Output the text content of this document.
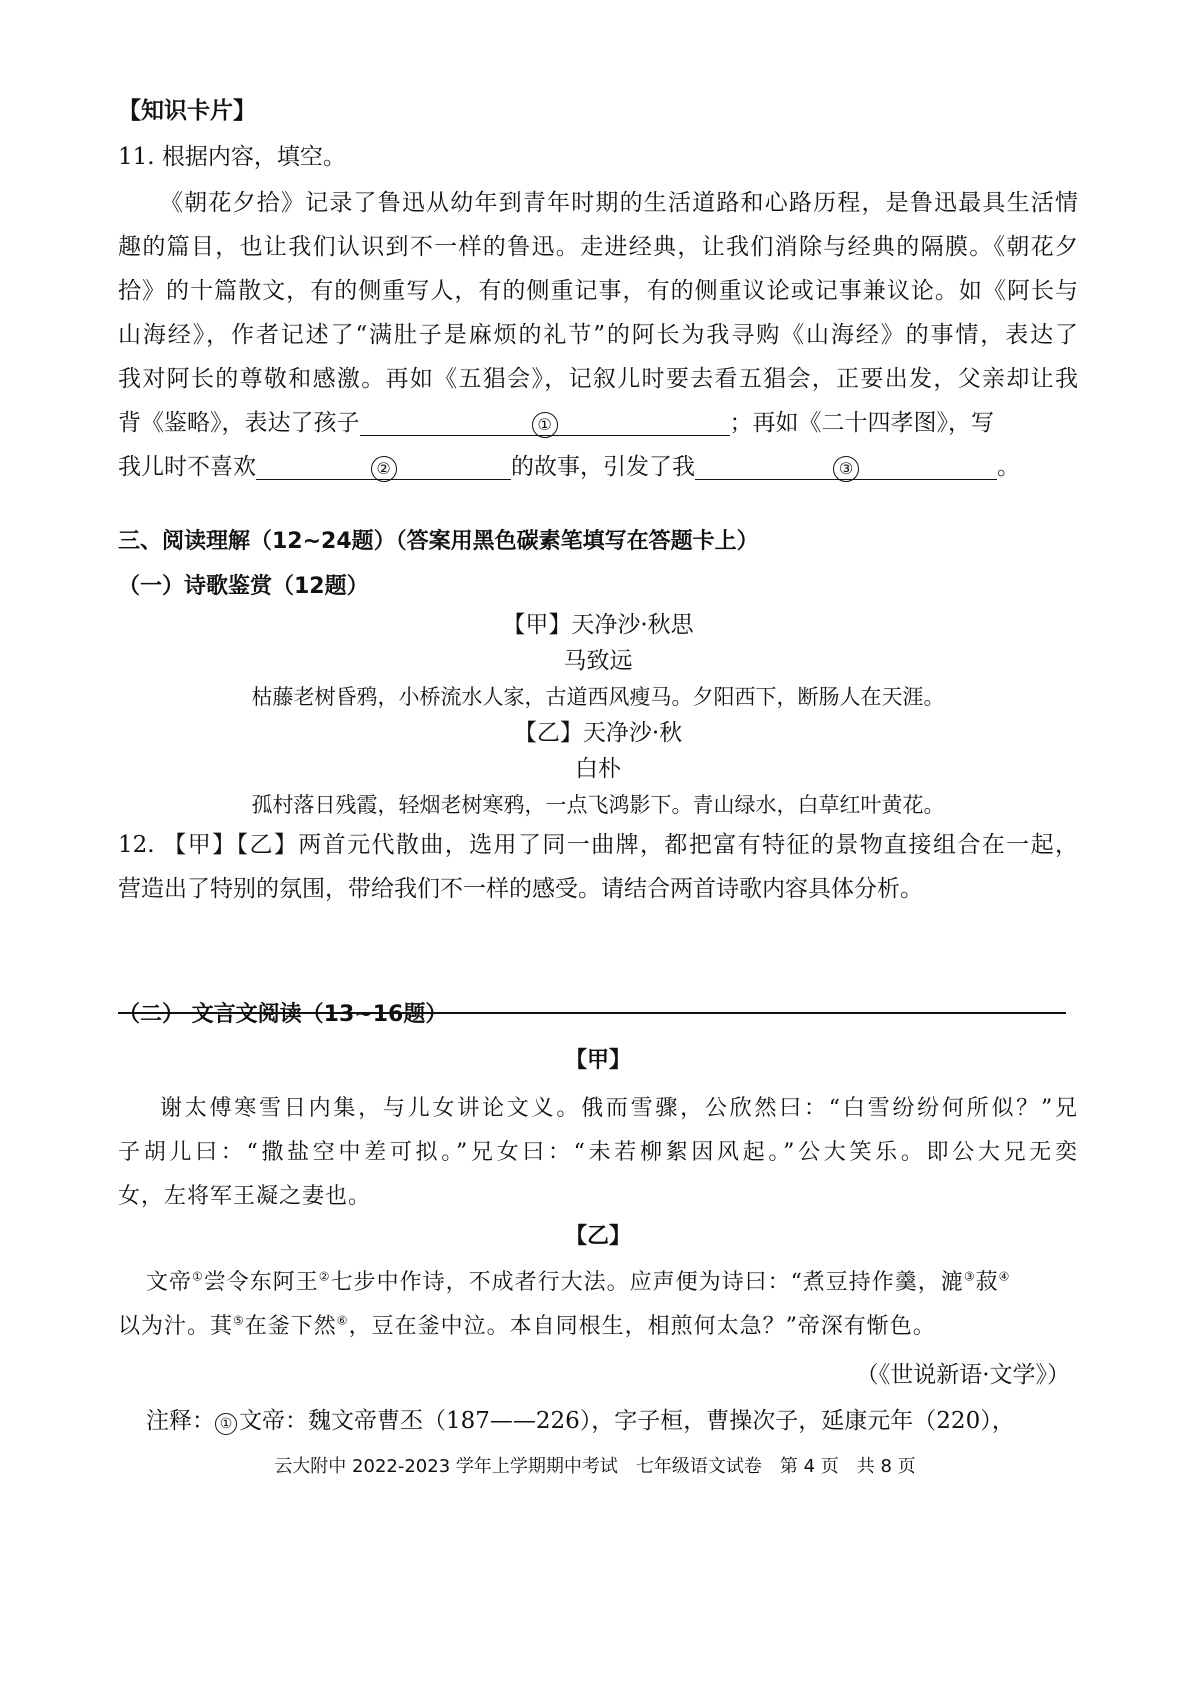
【知识卡片】
11. 根据内容，填空。
《朝花夕拾》记录了鲁迅从幼年到青年时期的生活道路和心路历程，是鲁迅最具生活情
趣的篇目，也让我们认识到不一样的鲁迅。走进经典，让我们消除与经典的隔膜。《朝花夕
拾》的十篇散文，有的侧重写人，有的侧重记事，有的侧重议论或记事兼议论。如《阿长与
山海经》，作者记述了“满肚子是麻烦的礼节”的阿长为我寻购《山海经》的事情，表达了
我对阿长的尊敬和感激。再如《五猖会》，记叙儿时要去看五猖会，正要出发，父亲却让我
背《鉴略》，表达了孩子	①	；再如《二十四孝图》，写
我儿时不喜欢	②	的故事，引发了我	③	。
三、阅读理解（12~24题）（答案用黑色碳素笔填写在答题卡上）
（一）诗歌鉴赏（12题）
【甲】天净沙·秋思
马致远
枯藤老树昏鸦，小桥流水人家，古道西风瘦马。夕阳西下，断肠人在天涯。
【乙】天净沙·秋
白朴
孤村落日残霞，轻烟老树寒鸦，一点飞鸿影下。青山绿水，白草红叶黄花。
12. 【甲】【乙】两首元代散曲，选用了同一曲牌，都把富有特征的景物直接组合在一起，
营造出了特别的氛围，带给我们不一样的感受。请结合两首诗歌内容具体分析。
（二） 文言文阅读（13~16题）
【甲】
谢太傅寒雪日内集，与儿女讲论文义。俄而雪骤，公欣然曰：“白雪纷纷何所似？”兄
子胡儿曰：“撒盐空中差可拟。”兄女曰：“未若柳絮因风起。”公大笑乐。即公大兄无奕
女，左将军王凝之妻也。
【乙】
文帝①尝令东阿王②七步中作诗，不成者行大法。应声便为诗曰：“煮豆持作羹，漉③菽④
以为汁。萁⑤在釜下然⑥，豆在釜中泣。本自同根生，相煎何太急？”帝深有惭色。
（《世说新语·文学》）
注释： ① 文帝：魏文帝曹丕（187——226），字子桓，曹操次子，延康元年（220），
云大附中 2022-2023 学年上学期期中考试　七年级语文试卷　第 4 页　共 8 页
